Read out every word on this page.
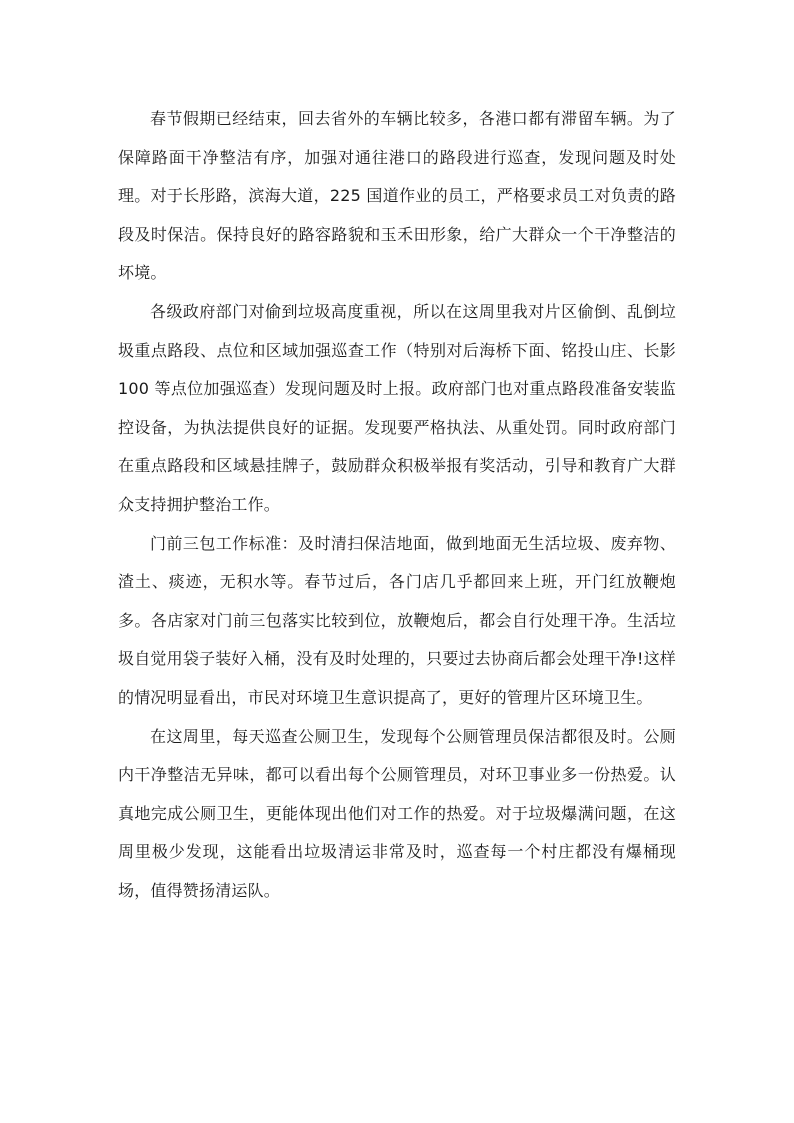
春节假期已经结束，回去省外的车辆比较多，各港口都有滞留车辆。为了保障路面干净整洁有序，加强对通往港口的路段进行巡查，发现问题及时处理。对于长彤路，滨海大道，225 国道作业的员工，严格要求员工对负责的路段及时保洁。保持良好的路容路貌和玉禾田形象，给广大群众一个干净整洁的坏境。

各级政府部门对偷到垃圾高度重视，所以在这周里我对片区偷倒、乱倒垃圾重点路段、点位和区域加强巡查工作（特别对后海桥下面、铭投山庄、长影 100 等点位加强巡查）发现问题及时上报。政府部门也对重点路段准备安装监控设备，为执法提供良好的证据。发现要严格执法、从重处罚。同时政府部门在重点路段和区域悬挂牌子，鼓励群众积极举报有奖活动，引导和教育广大群众支持拥护整治工作。

门前三包工作标准：及时清扫保洁地面，做到地面无生活垃圾、废弃物、渣土、痰迹，无积水等。春节过后，各门店几乎都回来上班，开门红放鞭炮多。各店家对门前三包落实比较到位，放鞭炮后，都会自行处理干净。生活垃圾自觉用袋子装好入桶，没有及时处理的，只要过去协商后都会处理干净!这样的情况明显看出，市民对环境卫生意识提高了，更好的管理片区环境卫生。

在这周里，每天巡查公厕卫生，发现每个公厕管理员保洁都很及时。公厕内干净整洁无异味，都可以看出每个公厕管理员，对环卫事业多一份热爱。认真地完成公厕卫生，更能体现出他们对工作的热爱。对于垃圾爆满问题，在这周里极少发现，这能看出垃圾清运非常及时，巡查每一个村庄都没有爆桶现场，值得赞扬清运队。
